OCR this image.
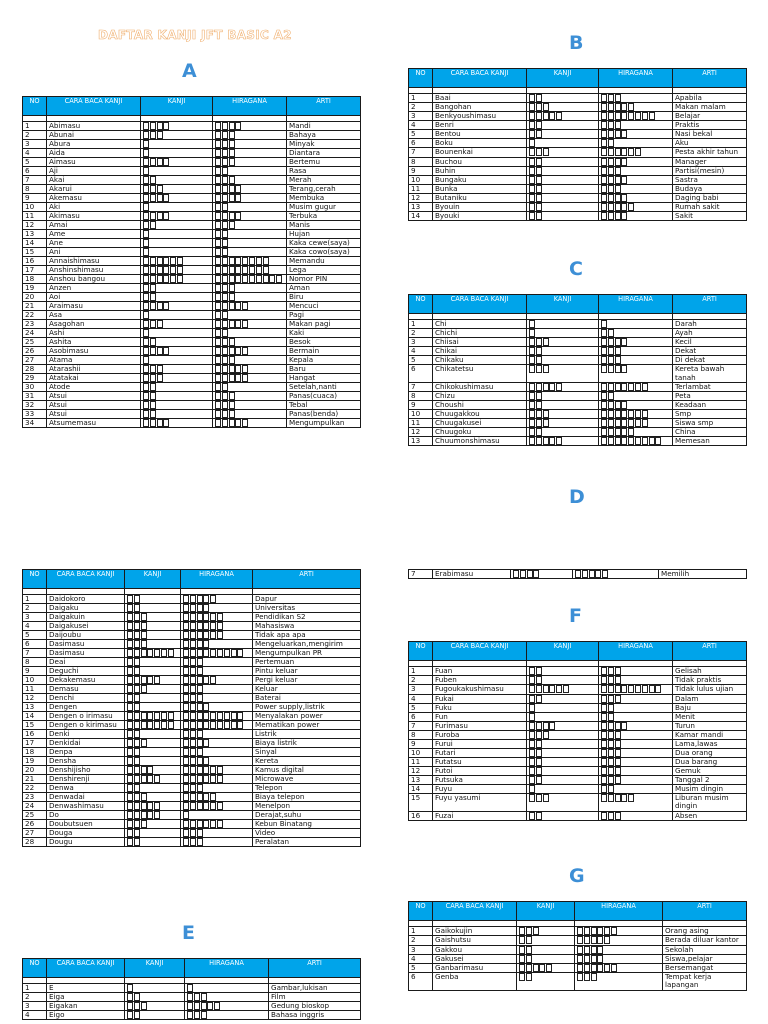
DAFTAR KANJI JFT BASIC A2
A
NO	CARA BACA KANJI	KANJI	HIRAGANA	ARTI

1	Abimasu			Mandi
2	Abunai			Bahaya
3	Abura			Minyak
4	Aida			Diantara
5	Aimasu			Bertemu
6	Aji			Rasa
7	Akai			Merah
8	Akarui			Terang,cerah
9	Akemasu			Membuka
10	Aki			Musim gugur
11	Akimasu			Terbuka
12	Amai			Manis
13	Ame			Hujan
14	Ane			Kaka cewe(saya)
15	Ani			Kaka cowo(saya)
16	Annaishimasu			Memandu
17	Anshinshimasu			Lega
18	Anshou bangou			Nomor PIN
19	Anzen			Aman
20	Aoi			Biru
21	Araimasu			Mencuci
22	Asa			Pagi
23	Asagohan			Makan pagi
24	Ashi			Kaki
25	Ashita			Besok
26	Asobimasu			Bermain
27	Atama			Kepala
28	Atarashii			Baru
29	Atatakai			Hangat
30	Atode			Setelah,nanti
31	Atsui			Panas(cuaca)
32	Atsui			Tebal
33	Atsui			Panas(benda)
34	Atsumemasu			Mengumpulkan
B
NO	CARA BACA KANJI	KANJI	HIRAGANA	ARTI

1	Baai			Apabila
2	Bangohan			Makan malam
3	Benkyoushimasu			Belajar
4	Benri			Praktis
5	Bentou			Nasi bekal
6	Boku			Aku
7	Bounenkai			Pesta akhir tahun
8	Buchou			Manager
9	Buhin			Partisi(mesin)
10	Bungaku			Sastra
11	Bunka			Budaya
12	Butaniku			Daging babi
13	Byouin			Rumah sakit
14	Byouki			Sakit
C
NO	CARA BACA KANJI	KANJI	HIRAGANA	ARTI

1	Chi			Darah
2	Chichi			Ayah
3	Chiisai			Kecil
4	Chikai			Dekat
5	Chikaku			Di dekat
6	Chikatetsu			Kereta bawah tanah
7	Chikokushimasu			Terlambat
8	Chizu			Peta
9	Choushi			Keadaan
10	Chuugakkou			Smp
11	Chuugakusei			Siswa smp
12	Chuugoku			China
13	Chuumonshimasu			Memesan
D
NO	CARA BACA KANJI	KANJI	HIRAGANA	ARTI

1	Daidokoro			Dapur
2	Daigaku			Universitas
3	Daigakuin			Pendidikan S2
4	Daigakusei			Mahasiswa
5	Daijoubu			Tidak apa apa
6	Dasimasu			Mengeluarkan,mengirim
7	Dasimasu			Mengumpulkan PR
8	Deai			Pertemuan
9	Deguchi			Pintu keluar
10	Dekakemasu			Pergi keluar
11	Demasu			Keluar
12	Denchi			Baterai
13	Dengen			Power supply,listrik
14	Dengen o irimasu			Menyalakan power
15	Dengen o kirimasu			Mematikan power
16	Denki			Listrik
17	Denkidai			Biaya listrik
18	Denpa			Sinyal
19	Densha			Kereta
20	Denshijisho			Kamus digital
21	Denshirenji			Microwave
22	Denwa			Telepon
23	Denwadai			Biaya telepon
24	Denwashimasu			Menelpon
25	Do			Derajat,suhu
26	Doubutsuen			Kebun Binatang
27	Douga			Video
28	Dougu			Peralatan
7	Erabimasu			Memilih
F
NO	CARA BACA KANJI	KANJI	HIRAGANA	ARTI

1	Fuan			Gelisah
2	Fuben			Tidak praktis
3	Fugoukakushimasu			Tidak lulus ujian
4	Fukai			Dalam
5	Fuku			Baju
6	Fun			Menit
7	Furimasu			Turun
8	Furoba			Kamar mandi
9	Furui			Lama,lawas
10	Futari			Dua orang
11	Futatsu			Dua barang
12	Futoi			Gemuk
13	Futsuka			Tanggal 2
14	Fuyu			Musim dingin
15	Fuyu yasumi			Liburan musim dingin
16	Fuzai			Absen
E
NO	CARA BACA KANJI	KANJI	HIRAGANA	ARTI

1	E			Gambar,lukisan
2	Eiga			Film
3	Eigakan			Gedung bioskop
4	Eigo			Bahasa inggris
G
NO	CARA BACA KANJI	KANJI	HIRAGANA	ARTI

1	Gaikokujin			Orang asing
2	Gaishutsu			Berada diluar kantor
3	Gakkou			Sekolah
4	Gakusei			Siswa,pelajar
5	Ganbarimasu			Bersemangat
6	Genba			Tempat kerja lapangan
